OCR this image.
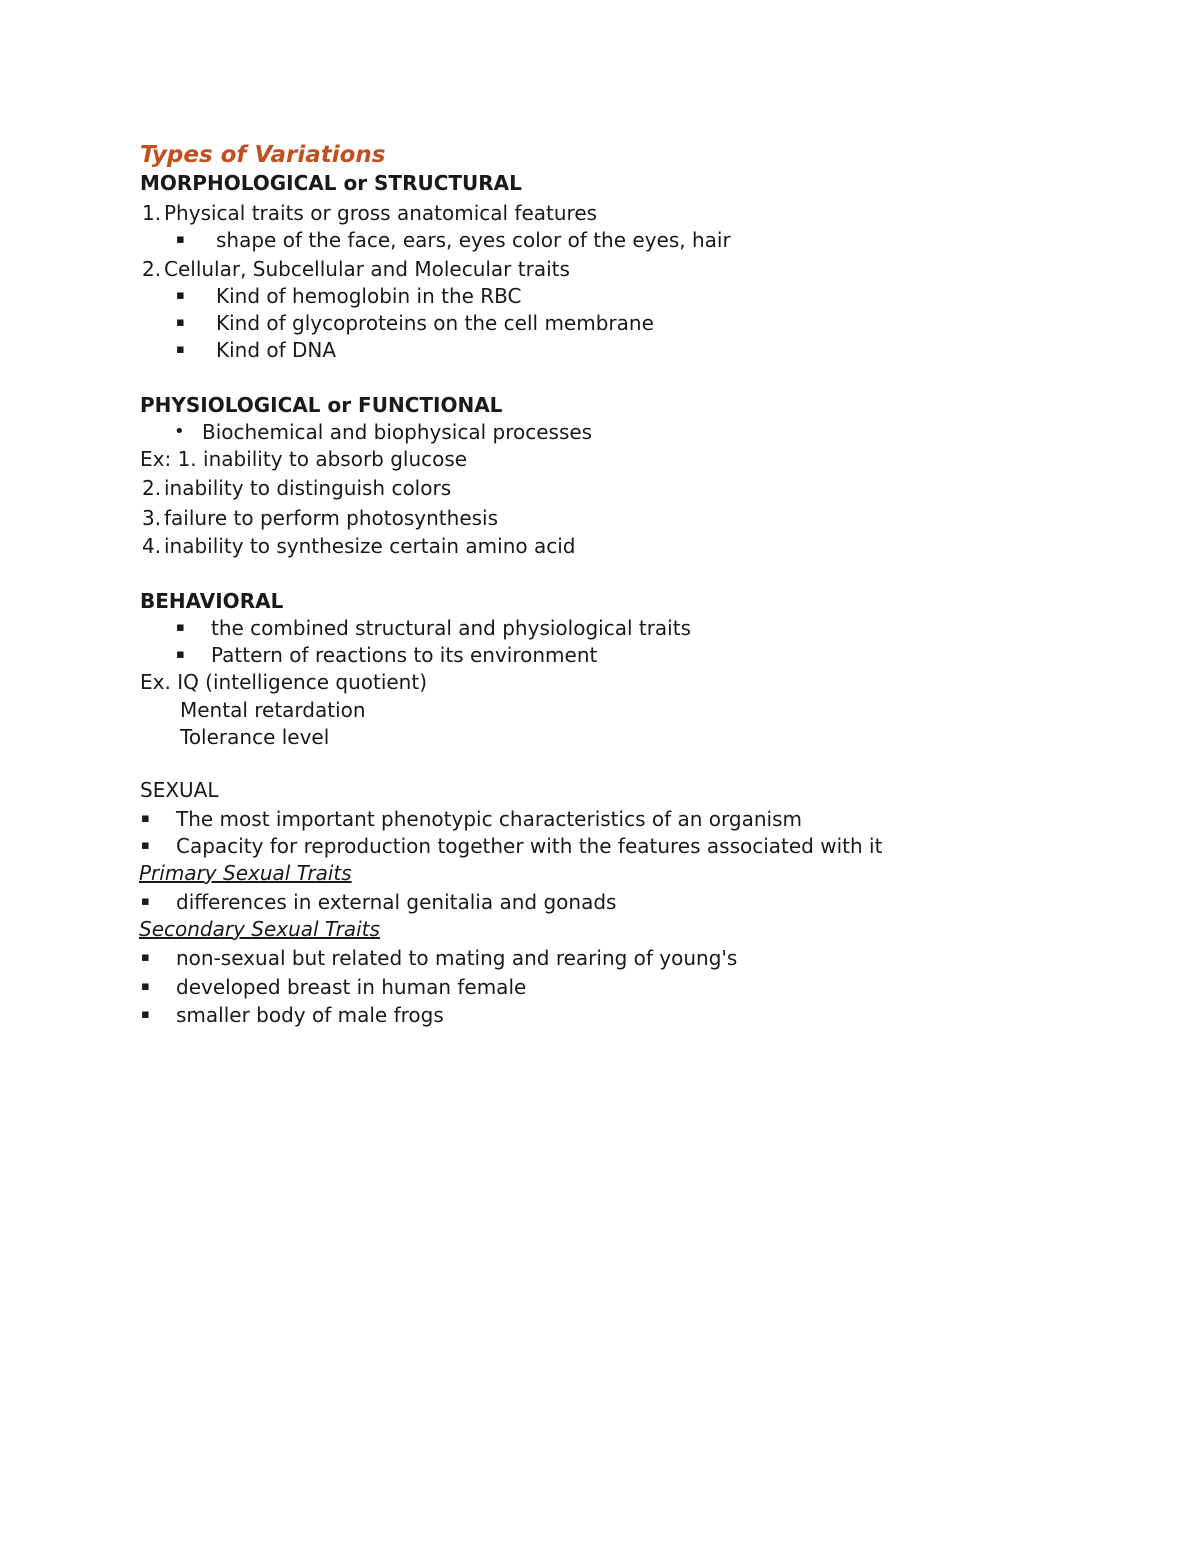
Types of Variations
MORPHOLOGICAL or STRUCTURAL
1. Physical traits or gross anatomical features
▪ shape of the face, ears, eyes color of the eyes, hair
2. Cellular, Subcellular and Molecular traits
▪ Kind of hemoglobin in the RBC
▪ Kind of glycoproteins on the cell membrane
▪ Kind of DNA
PHYSIOLOGICAL or FUNCTIONAL
• Biochemical and biophysical processes
Ex: 1. inability to absorb glucose
2. inability to distinguish colors
3. failure to perform photosynthesis
4. inability to synthesize certain amino acid
BEHAVIORAL
▪ the combined structural and physiological traits
▪ Pattern of reactions to its environment
Ex. IQ (intelligence quotient)
Mental retardation
Tolerance level
SEXUAL
▪ The most important phenotypic characteristics of an organism
▪ Capacity for reproduction together with the features associated with it
Primary Sexual Traits
▪ differences in external genitalia and gonads
Secondary Sexual Traits
▪ non-sexual but related to mating and rearing of young's
▪ developed breast in human female
▪ smaller body of male frogs
